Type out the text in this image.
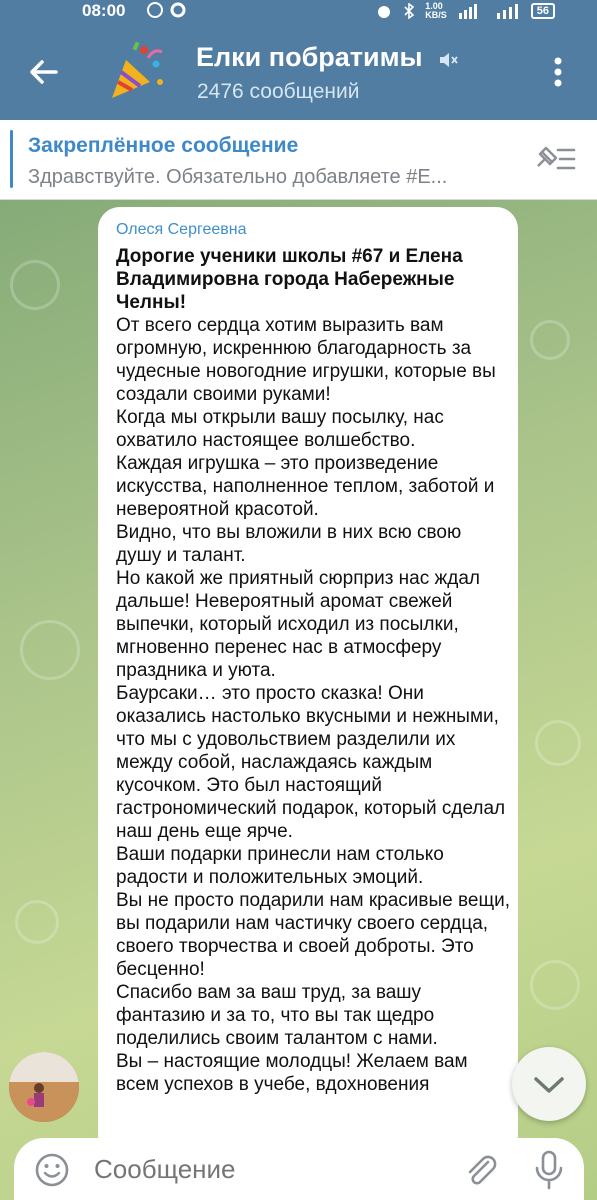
08:00	1.00
KB/S	56
Елки побратимы
2476 сообщений
Закреплённое сообщение
Здравствуйте. Обязательно добавляете #Е...
Олеся Сергеевна
Дорогие ученики школы #67 и Елена Владимировна города Набережные Челны!
От всего сердца хотим выразить вам огромную, искреннюю благодарность за чудесные новогодние игрушки, которые вы создали своими руками!
Когда мы открыли вашу посылку, нас охватило настоящее волшебство.
Каждая игрушка – это произведение искусства, наполненное теплом, заботой и невероятной красотой.
Видно, что вы вложили в них всю свою душу и талант.
Но какой же приятный сюрприз нас ждал дальше! Невероятный аромат свежей выпечки, который исходил из посылки, мгновенно перенес нас в атмосферу праздника и уюта.
Баурсаки… это просто сказка! Они оказались настолько вкусными и нежными, что мы с удовольствием разделили их между собой, наслаждаясь каждым кусочком. Это был настоящий гастрономический подарок, который сделал наш день еще ярче.
Ваши подарки принесли нам столько радости и положительных эмоций.
Вы не просто подарили нам красивые вещи, вы подарили нам частичку своего сердца, своего творчества и своей доброты. Это бесценно!
Спасибо вам за ваш труд, за вашу фантазию и за то, что вы так щедро поделились своим талантом с нами.
Вы – настоящие молодцы! Желаем вам всем успехов в учебе, вдохновения
Сообщение
